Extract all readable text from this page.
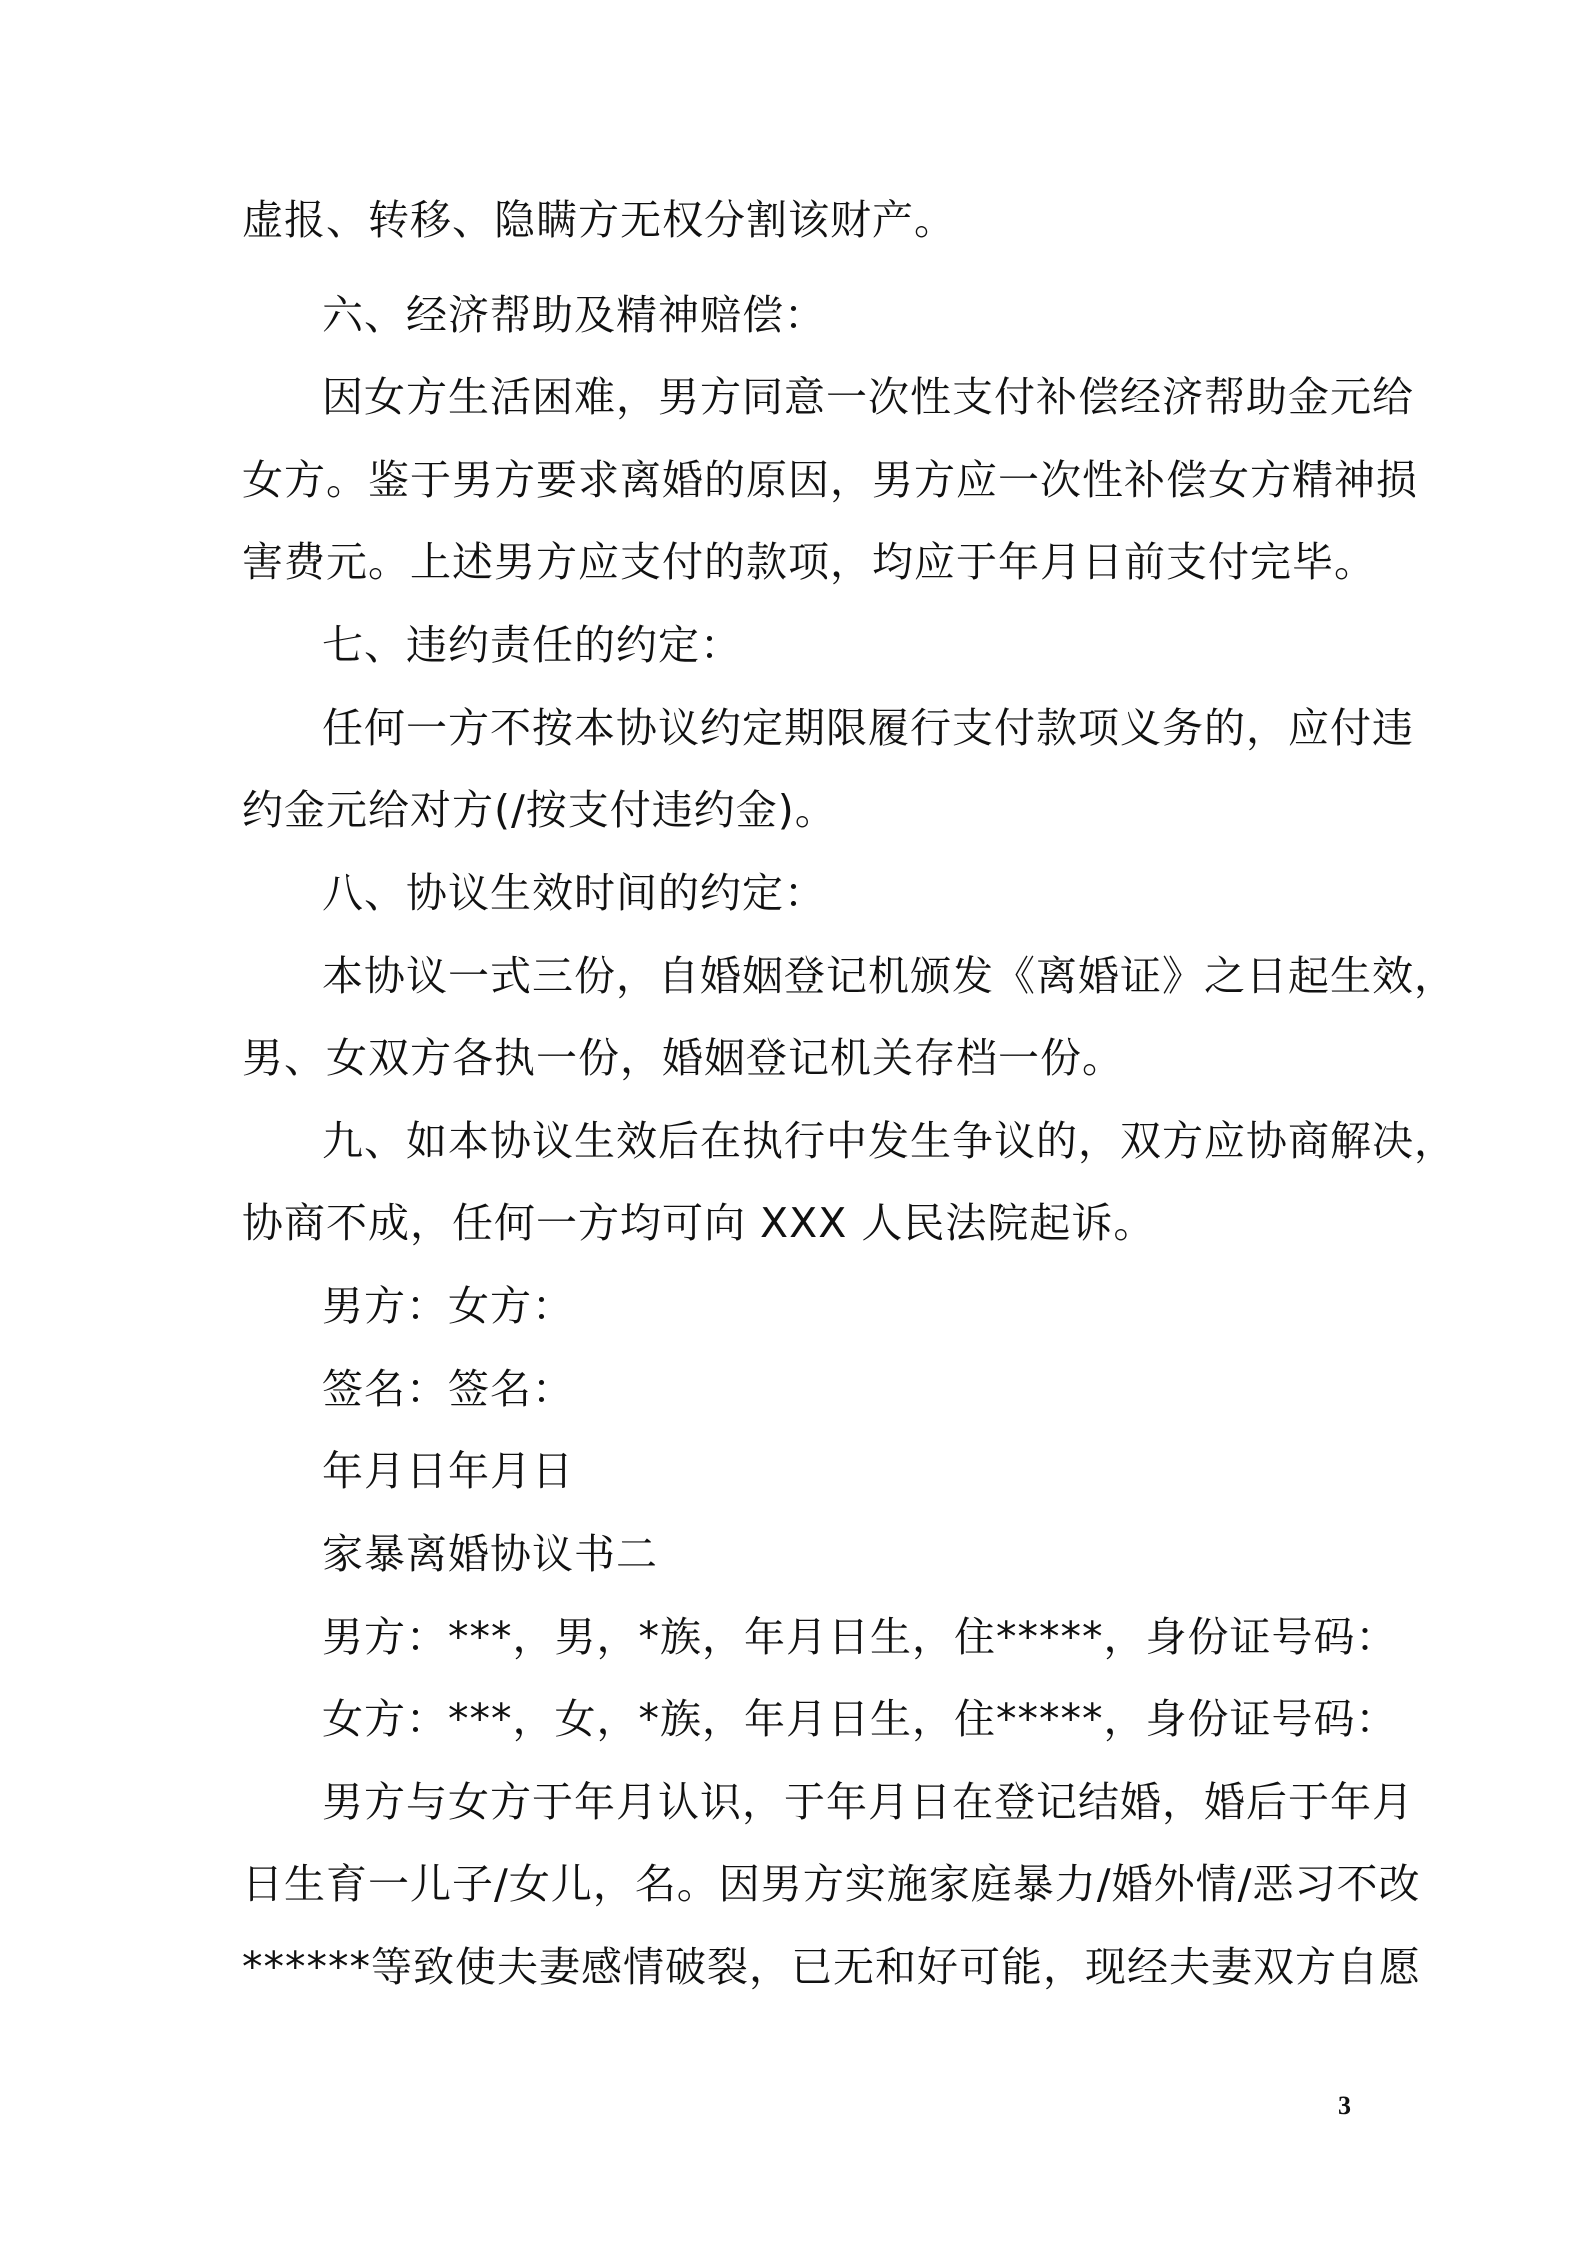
虚报、转移、隐瞒方无权分割该财产。
六、经济帮助及精神赔偿：
因女方生活困难，男方同意一次性支付补偿经济帮助金元给
女方。鉴于男方要求离婚的原因，男方应一次性补偿女方精神损
害费元。上述男方应支付的款项，均应于年月日前支付完毕。
七、违约责任的约定：
任何一方不按本协议约定期限履行支付款项义务的，应付违
约金元给对方(/按支付违约金)。
八、协议生效时间的约定：
本协议一式三份，自婚姻登记机颁发《离婚证》之日起生效，
男、女双方各执一份，婚姻登记机关存档一份。
九、如本协议生效后在执行中发生争议的，双方应协商解决，
协商不成，任何一方均可向 XXX 人民法院起诉。
男方：女方：
签名：签名：
年月日年月日
家暴离婚协议书二
男方：***，男，*族，年月日生，住*****，身份证号码：
女方：***，女，*族，年月日生，住*****，身份证号码：
男方与女方于年月认识，于年月日在登记结婚，婚后于年月
日生育一儿子/女儿，名。因男方实施家庭暴力/婚外情/恶习不改
******等致使夫妻感情破裂，已无和好可能，现经夫妻双方自愿
3
